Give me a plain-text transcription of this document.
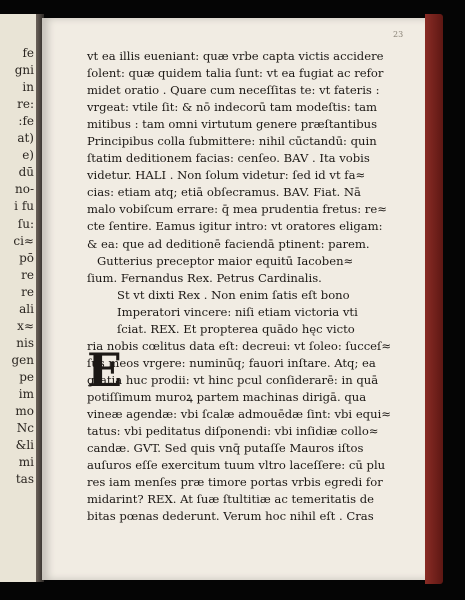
fe
gni
in
re:
:fe
at)
e)
dū
no-
i fu
ſu:
ci≈
pō
re
re
ali
x≈
nis
gen
pe
im
mo
Nc
&li
mi
tas
23
vt ea illis eueniant: quæ vrbe capta victis accidere
ſolent: quæ quidem talia ſunt: vt ea fugiat ac refor
midet oratio . Quare cum neceſſitas te: vt fateris :
vrgeat: vtile ſit: & nō indecorū tam modeſtis: tam
mitibus : tam omni virtutum genere præſtantibus
Principibus colla ſubmittere: nihil cūctandū: quin
ſtatim deditionem facias: cenſeo. BAV . Ita vobis
videtur. HALI . Non ſolum videtur: ſed id vt fa≈
cias: etiam atq; etiā obſecramus. BAV. Fiat. Nā
malo vobiſcum errare: q̄ mea prudentia fretus: re≈
cte ſentire. Eamus igitur intro: vt oratores eligam:
& ea: que ad deditionē faciendā ptinent: parem.
Gutterius preceptor maior equitū Iacoben≈
ſium. Fernandus Rex. Petrus Cardinalis.
St vt dixti Rex . Non enim ſatis eſt bono
Imperatori vincere: niſi etiam victoria vti
ſciat. REX. Et propterea quādo hęc victo
ria nobis cœlitus data eſt: decreui: vt ſoleo: ſucceſ≈
ſus meos vrgere: numinūq; fauori inſtare. Atq; ea
gratia huc prodii: vt hinc pcul conſiderarē: in quā
potiſſimum muroꝝ partem machinas dirigā. qua
vineæ agendæ: vbi ſcalæ admouēdæ ſint: vbi equi≈
tatus: vbi peditatus diſponendi: vbi inſidiæ collo≈
candæ. GVT. Sed quis vnq̄ putaſſe Mauros iſtos
auſuros eſſe exercitum tuum vltro laceſſere: cū plu
res iam menſes præ timore portas vrbis egredi for
midarint? REX. At ſuæ ſtultitiæ ac temeritatis de
bitas pœnas dederunt. Verum hoc nihil eſt . Cras
E
